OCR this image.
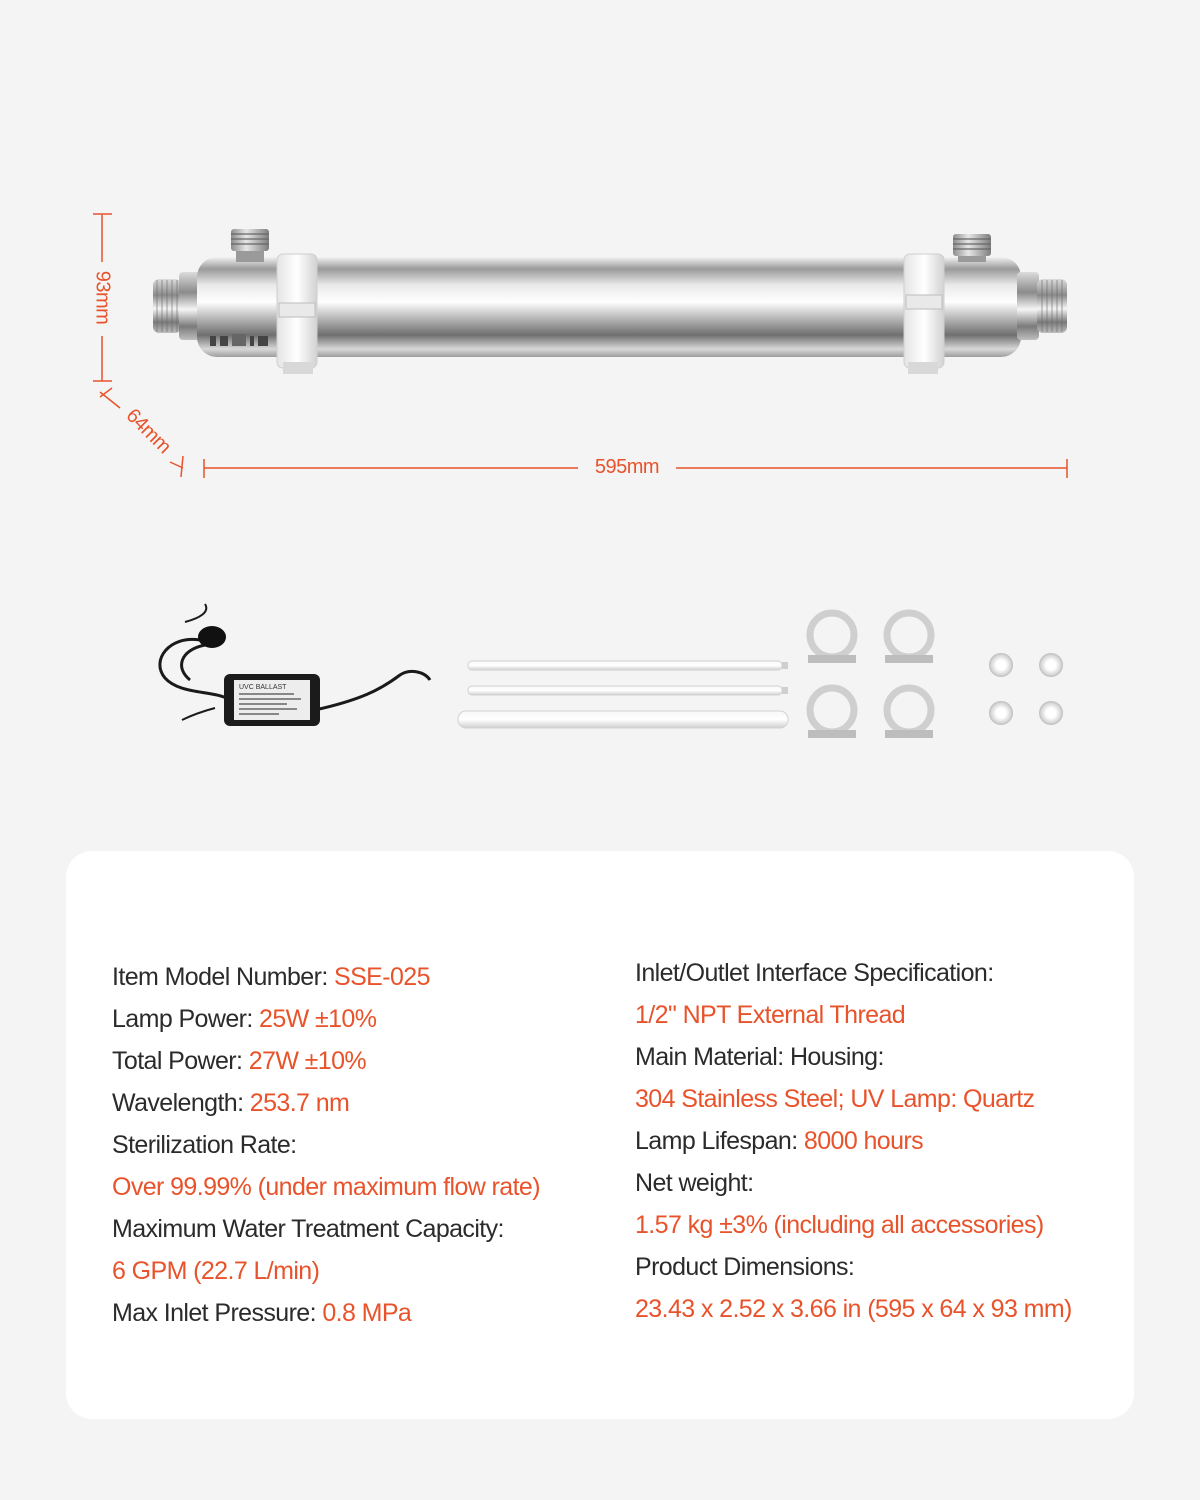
93mm
64mm
595mm
UVC BALLAST
Item Model Number: SSE-025
Lamp Power: 25W ±10%
Total Power: 27W ±10%
Wavelength: 253.7 nm
Sterilization Rate:
Over 99.99% (under maximum flow rate)
Maximum Water Treatment Capacity:
6 GPM (22.7 L/min)
Max Inlet Pressure: 0.8 MPa
Inlet/Outlet Interface Specification:
1/2" NPT External Thread
Main Material: Housing:
304 Stainless Steel; UV Lamp: Quartz
Lamp Lifespan: 8000 hours
Net weight:
1.57 kg ±3% (including all accessories)
Product Dimensions:
23.43 x 2.52 x 3.66 in (595 x 64 x 93 mm)
